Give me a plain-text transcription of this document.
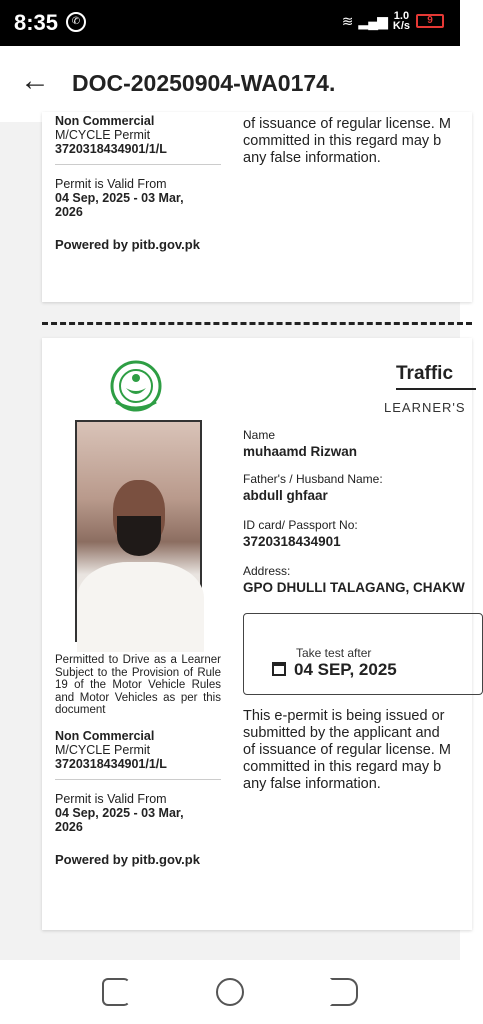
8:35	✆	≋ ▂▄▆ 1.0
K/s	9
← DOC-20250904-WA0174.
Non Commercial
M/CYCLE Permit
3720318434901/1/L
Permit is Valid From
04 Sep, 2025 - 03 Mar,
2026
Powered by pitb.gov.pk
of issuance of regular license. M
committed in this regard may b
any false information.
Traffic
LEARNER'S
Name
muhaamd Rizwan
Father's / Husband Name:
abdull ghfaar
ID card/ Passport No:
3720318434901
Address:
GPO DHULLI TALAGANG, CHAKW
Take test after
04 SEP, 2025
This e-permit is being issued or
submitted by the applicant and
of issuance of regular license. M
committed in this regard may b
any false information.
Permitted to Drive as a Learner Subject to the Provision of Rule 19 of the Motor Vehicle Rules and Motor Vehicles as per this document
Non Commercial
M/CYCLE Permit
3720318434901/1/L
Permit is Valid From
04 Sep, 2025 - 03 Mar,
2026
Powered by pitb.gov.pk
